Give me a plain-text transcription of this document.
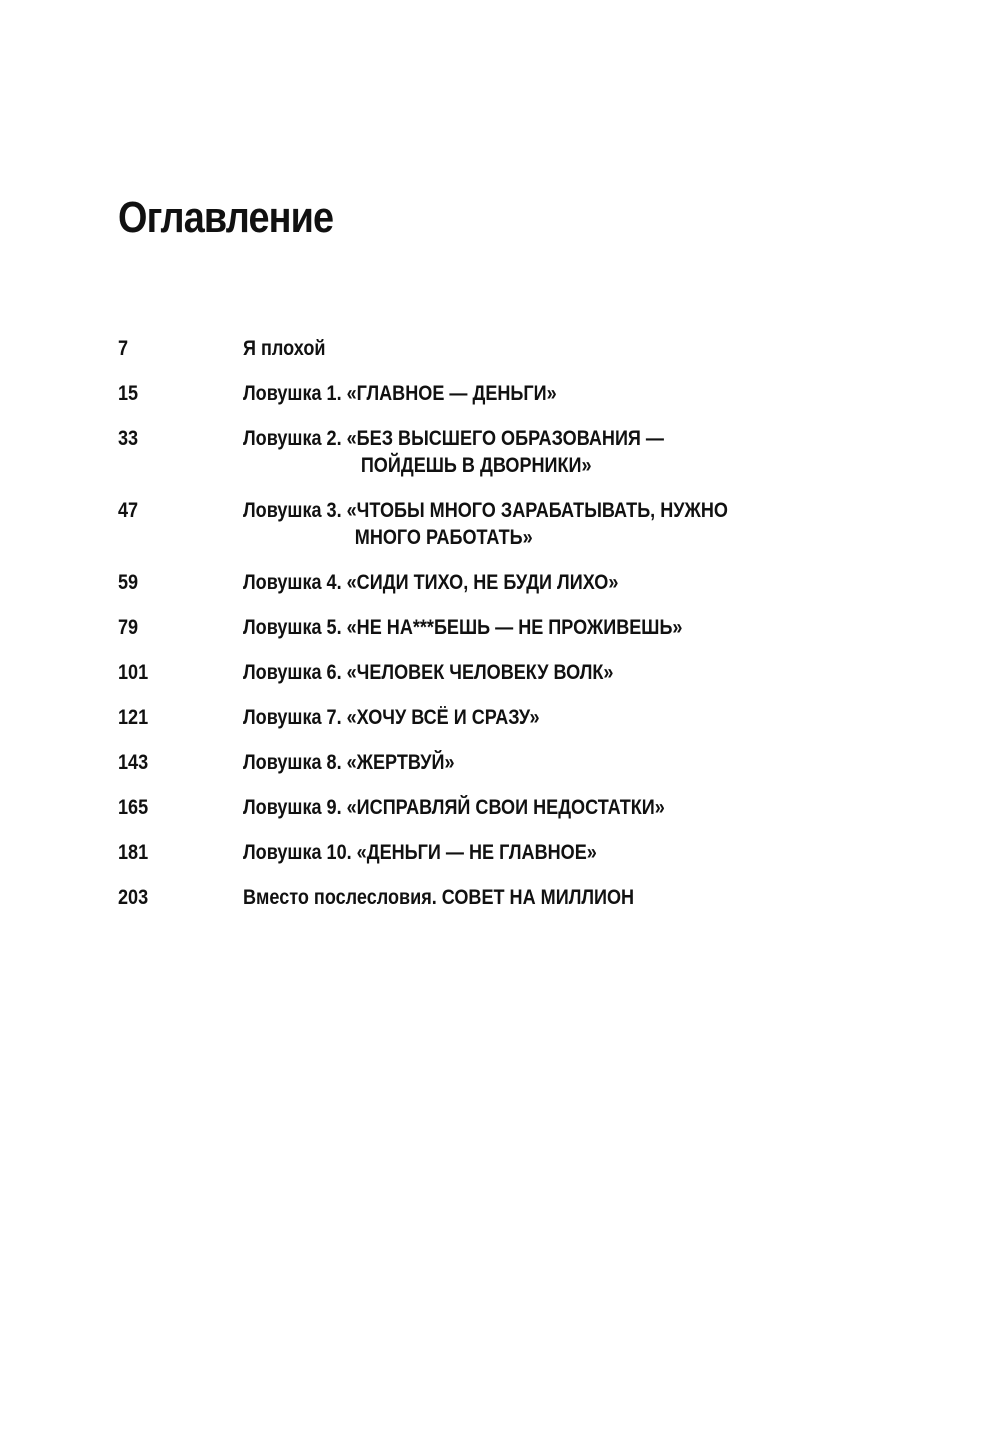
Оглавление
7	Я плохой
15	Ловушка 1. «ГЛАВНОЕ — ДЕНЬГИ»
33	Ловушка 2. «БЕЗ ВЫСШЕГО ОБРАЗОВАНИЯ —
ПОЙДЕШЬ В ДВОРНИКИ»
47	Ловушка 3. «ЧТОБЫ МНОГО ЗАРАБАТЫВАТЬ, НУЖНО
МНОГО РАБОТАТЬ»
59	Ловушка 4. «СИДИ ТИХО, НЕ БУДИ ЛИХО»
79	Ловушка 5. «НЕ НА***БЕШЬ — НЕ ПРОЖИВЕШЬ»
101	Ловушка 6. «ЧЕЛОВЕК ЧЕЛОВЕКУ ВОЛК»
121	Ловушка 7. «ХОЧУ ВСЁ И СРАЗУ»
143	Ловушка 8. «ЖЕРТВУЙ»
165	Ловушка 9. «ИСПРАВЛЯЙ СВОИ НЕДОСТАТКИ»
181	Ловушка 10. «ДЕНЬГИ — НЕ ГЛАВНОЕ»
203	Вместо послесловия. СОВЕТ НА МИЛЛИОН
